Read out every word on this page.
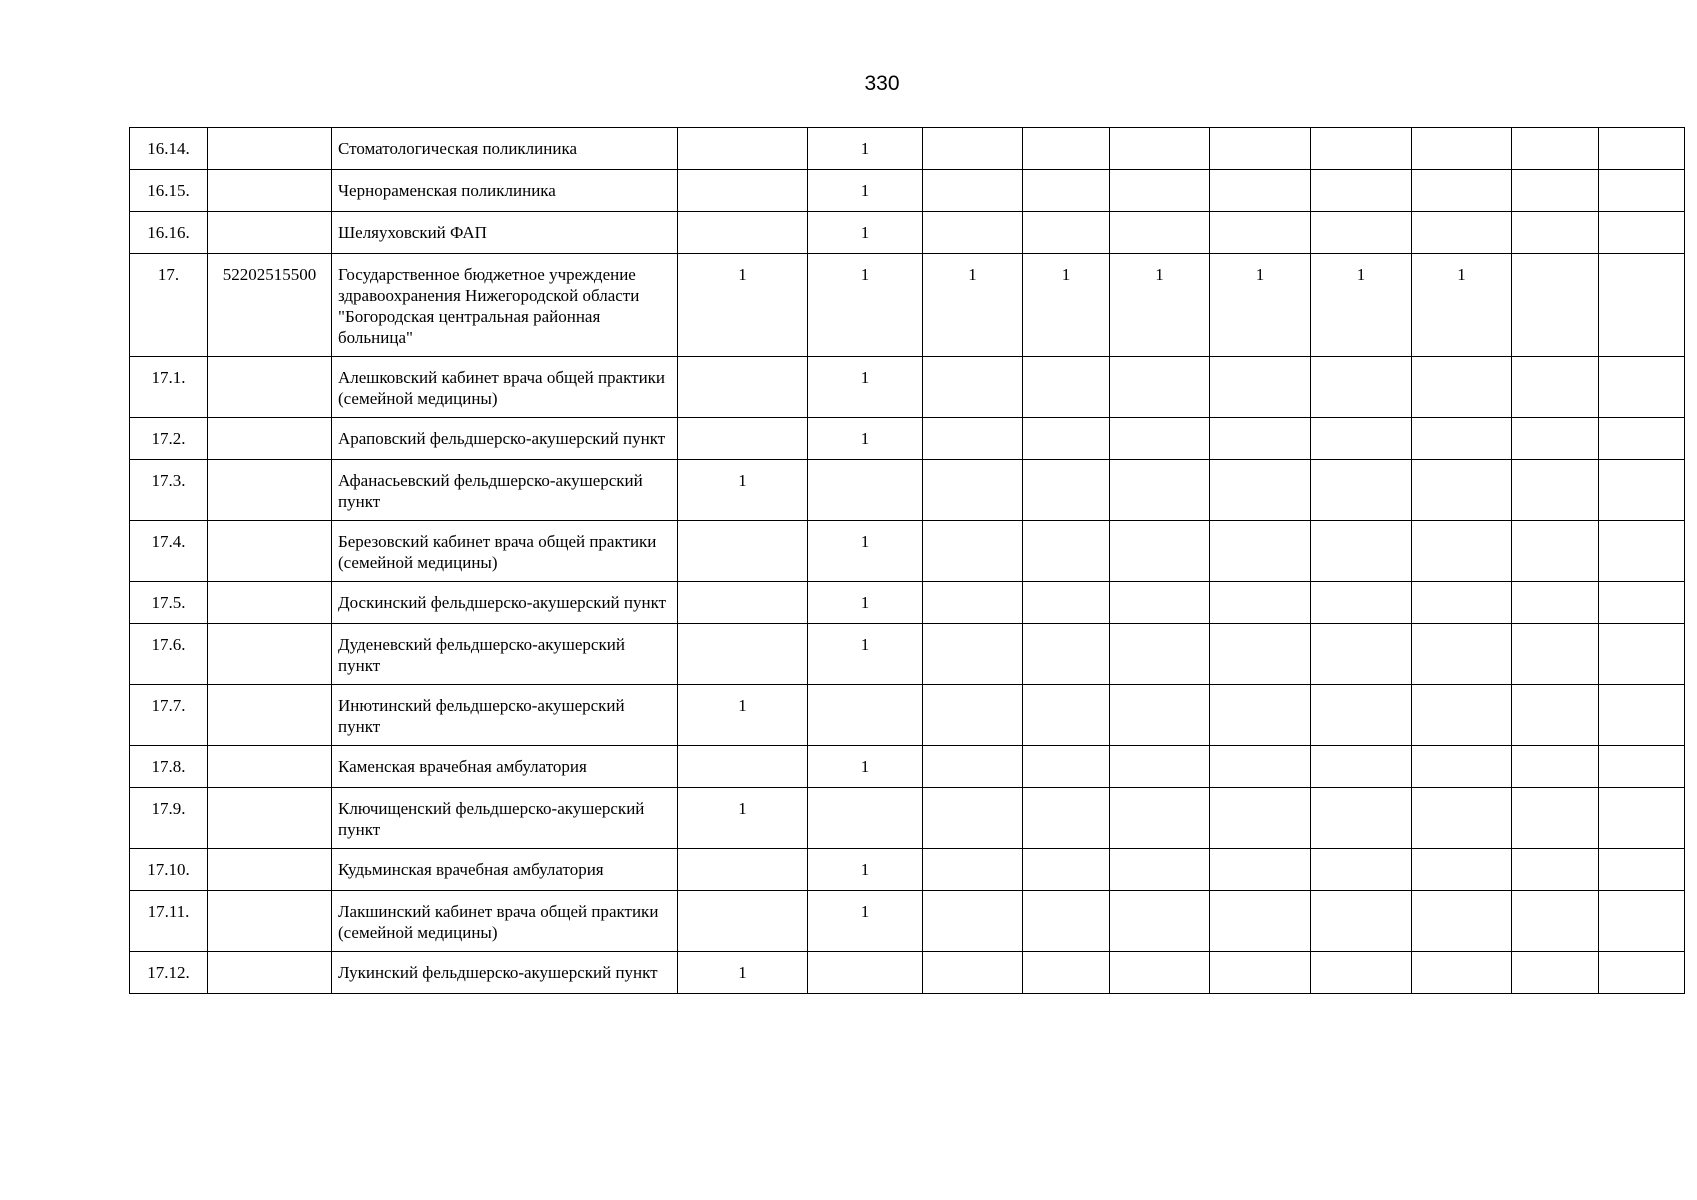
330
16.14.		Стоматологическая поликлиника		1								
16.15.		Чернораменская поликлиника		1								
16.16.		Шеляуховский ФАП		1								
17.	52202515500	Государственное бюджетное учреждение здравоохранения Нижегородской области "Богородская центральная районная больница"	1	1	1	1	1	1	1	1		
17.1.		Алешковский кабинет врача общей практики (семейной медицины)		1								
17.2.		Араповский фельдшерско-акушерский пункт		1								
17.3.		Афанасьевский фельдшерско-акушерский пункт	1									
17.4.		Березовский кабинет врача общей практики (семейной медицины)		1								
17.5.		Доскинский фельдшерско-акушерский пункт		1								
17.6.		Дуденевский фельдшерско-акушерский пункт		1								
17.7.		Инютинский фельдшерско-акушерский пункт	1									
17.8.		Каменская врачебная амбулатория		1								
17.9.		Ключищенский фельдшерско-акушерский пункт	1									
17.10.		Кудьминская врачебная амбулатория		1								
17.11.		Лакшинский кабинет врача общей практики (семейной медицины)		1								
17.12.		Лукинский фельдшерско-акушерский пункт	1									
